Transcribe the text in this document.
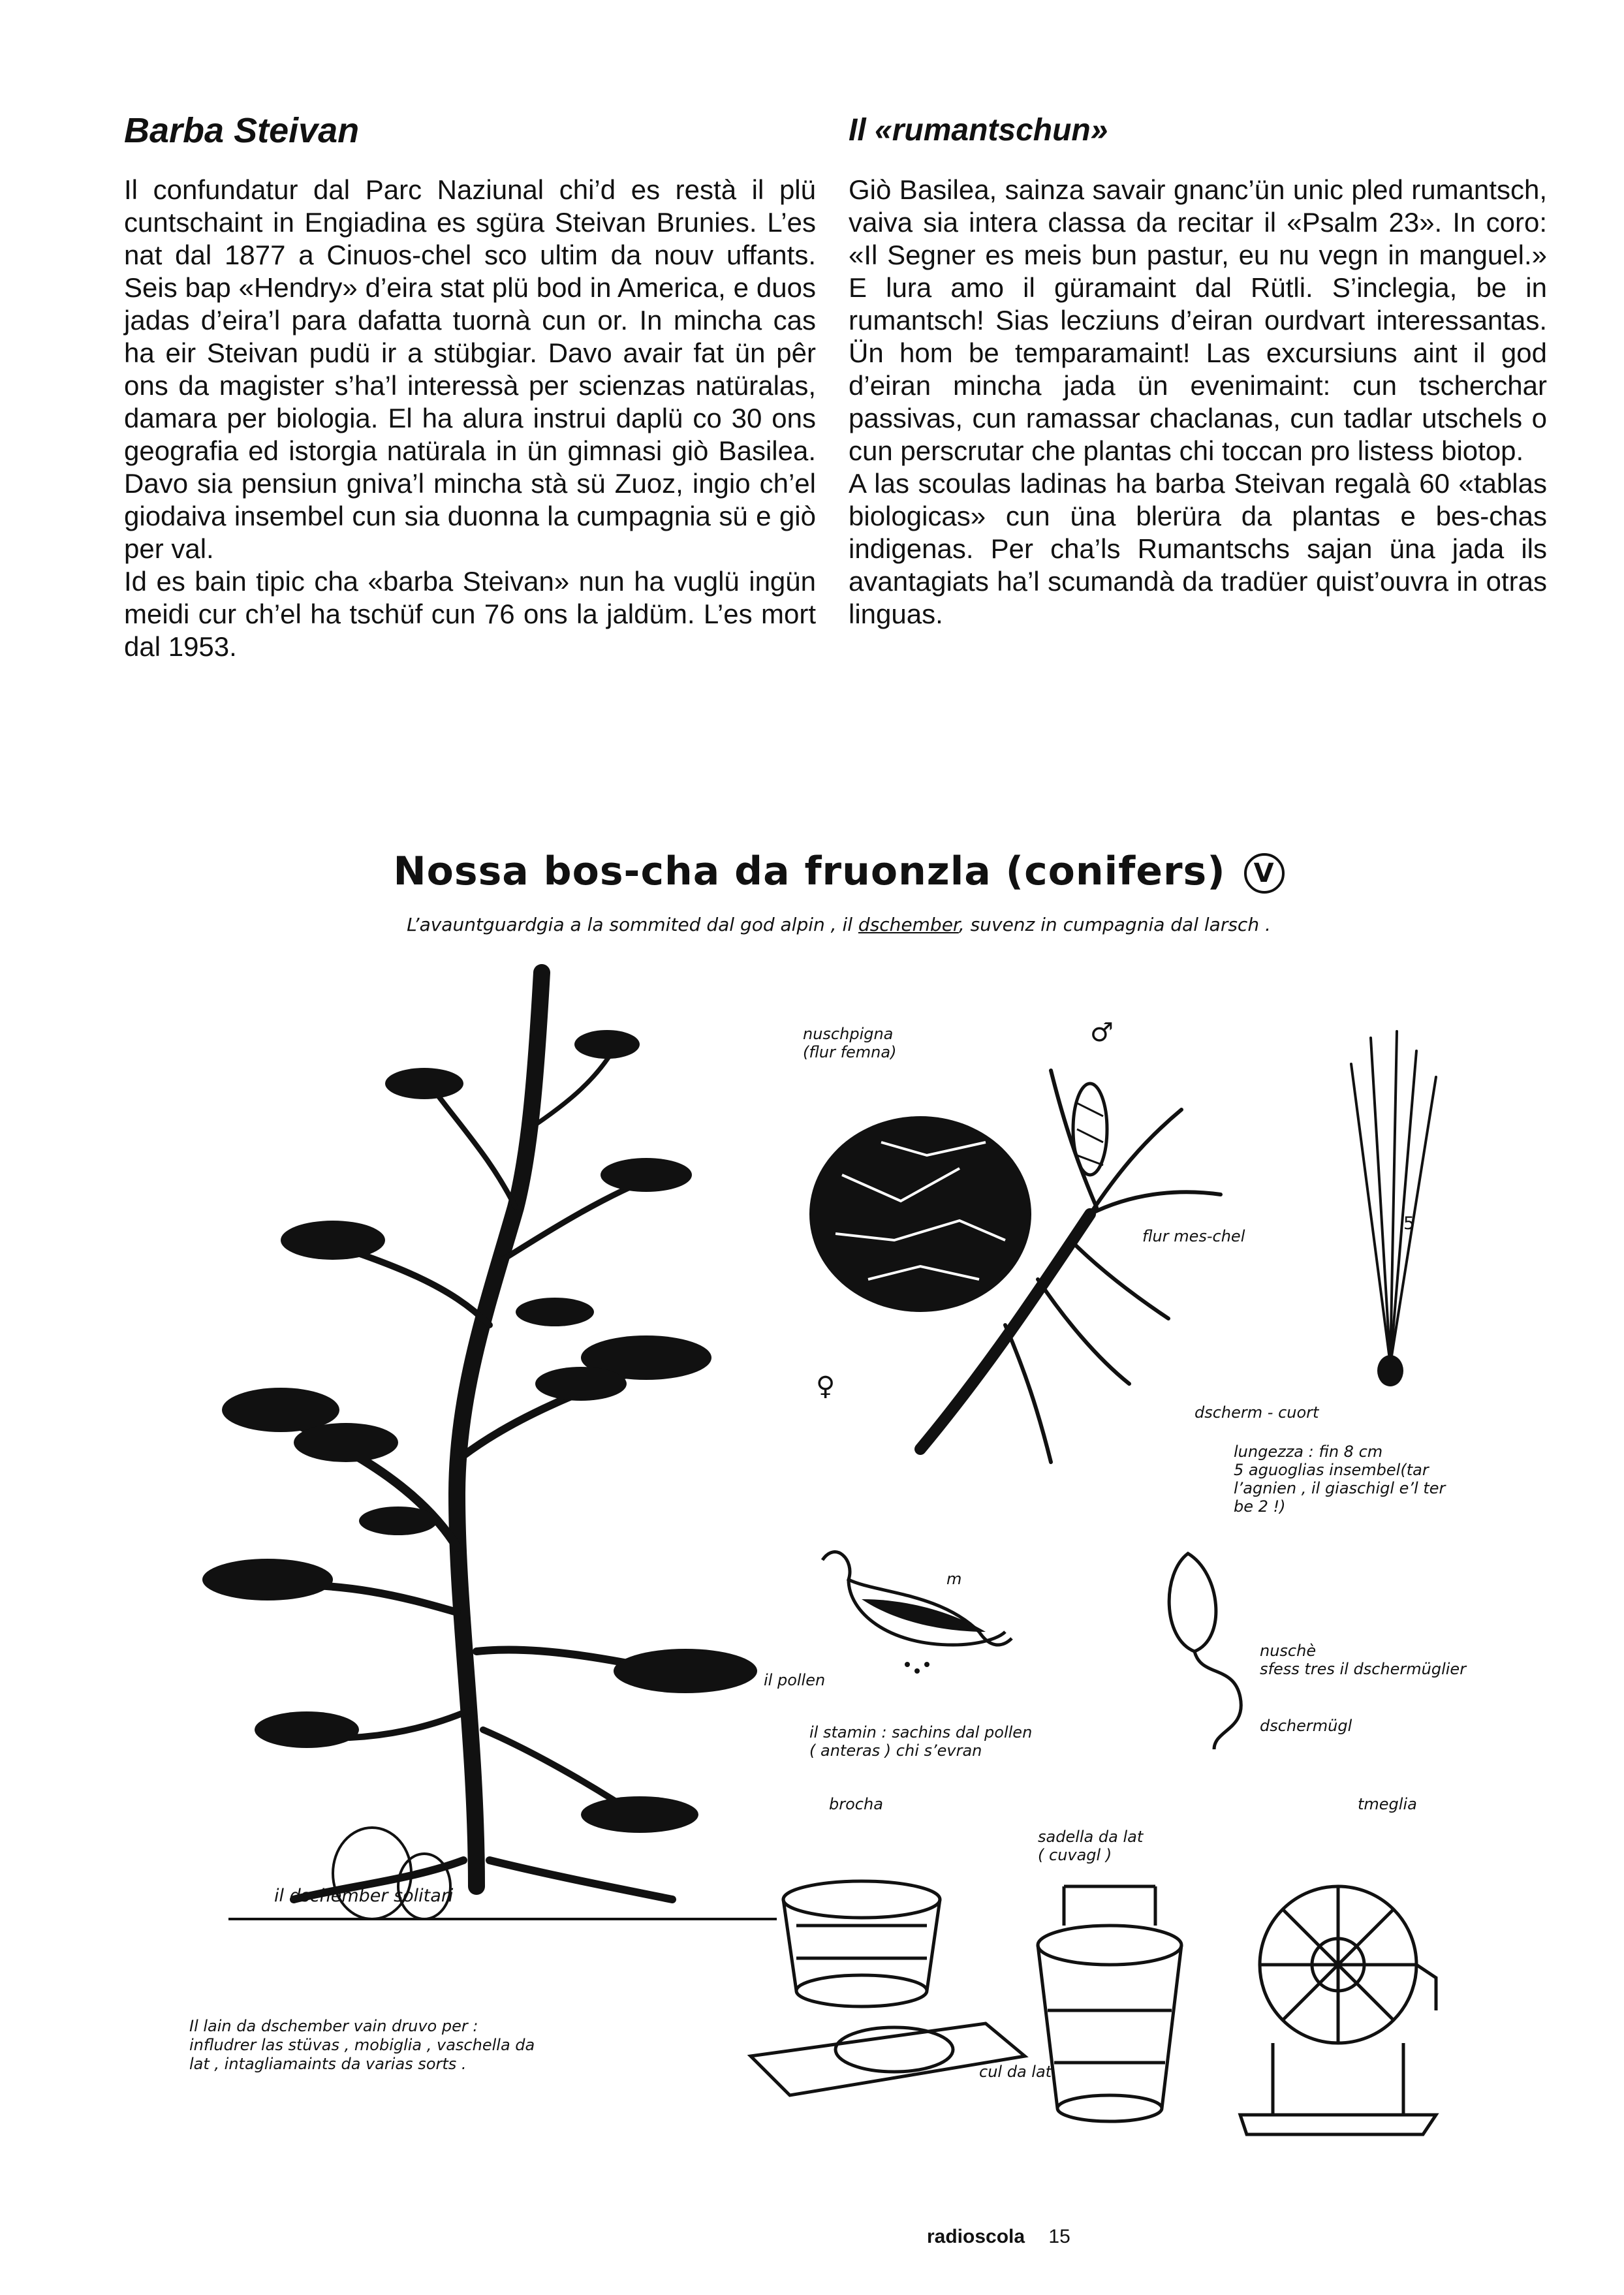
Barba Steivan

Il confundatur dal Parc Naziunal chi’d es restà il plü cuntschaint in Engiadina es sgüra Steivan Brunies. L’es nat dal 1877 a Cinuos-chel sco ultim da nouv uffants. Seis bap «Hendry» d’eira stat plü bod in America, e duos jadas d’eira’l para dafatta tuornà cun or. In mincha cas ha eir Steivan pudü ir a stübgiar. Davo avair fat ün pêr ons da magister s’ha’l interessà per scienzas natüralas, damara per biologia. El ha alura instrui daplü co 30 ons geografia ed istorgia natürala in ün gimnasi giò Basilea. Davo sia pensiun gniva’l mincha stà sü Zuoz, ingio ch’el giodaiva insembel cun sia duonna la cumpagnia sü e giò per val.

Id es bain tipic cha «barba Steivan» nun ha vuglü ingün meidi cur ch’el ha tschüf cun 76 ons la jaldüm. L’es mort dal 1953.

Il «rumantschun»

Giò Basilea, sainza savair gnanc’ün unic pled rumantsch, vaiva sia intera classa da recitar il «Psalm 23». In coro: «Il Segner es meis bun pastur, eu nu vegn in manguel.» E lura amo il güramaint dal Rütli. S’inclegia, be in rumantsch! Sias lecziuns d’eiran ourdvart interessantas. Ün hom be temparamaint! Las excursiuns aint il god d’eiran mincha jada ün evenimaint: cun tscherchar passivas, cun ramassar chaclanas, cun tadlar utschels o cun perscrutar che plantas chi toccan pro listess biotop.

A las scoulas ladinas ha barba Steivan regalà 60 «tablas biologicas» cun üna blerüra da plantas e bes-chas indigenas. Per cha’ls Rumantschs sajan üna jada ils avantagiats ha’l scumandà da tradüer quist’ouvra in otras linguas.

Nossa bos-cha da fruonzla (conifers) V
L’avauntguardgia a la sommited dal god alpin , il dschember, suvenz in cumpagnia dal larsch .
nuschpigna
(flur femna)
♂
♀
flur mes-chel
5
dscherm - cuort
lungezza : fin 8 cm
5 aguoglias insembel(tar
l’agnien , il giaschigl e’l ter
be 2 !)
m
il pollen
il stamin : sachins dal pollen
( anteras ) chi s’evran
nuschè
sfess tres il dschermüglier
dschermügl
brocha
sadella da lat
( cuvagl )
tmeglia
il dschember solitari
Il lain da dschember vain druvo per :
infludrer las stüvas , mobiglia , vaschella da
lat , intagliamaints da varias sorts .	cul da lat
radioscola 15
